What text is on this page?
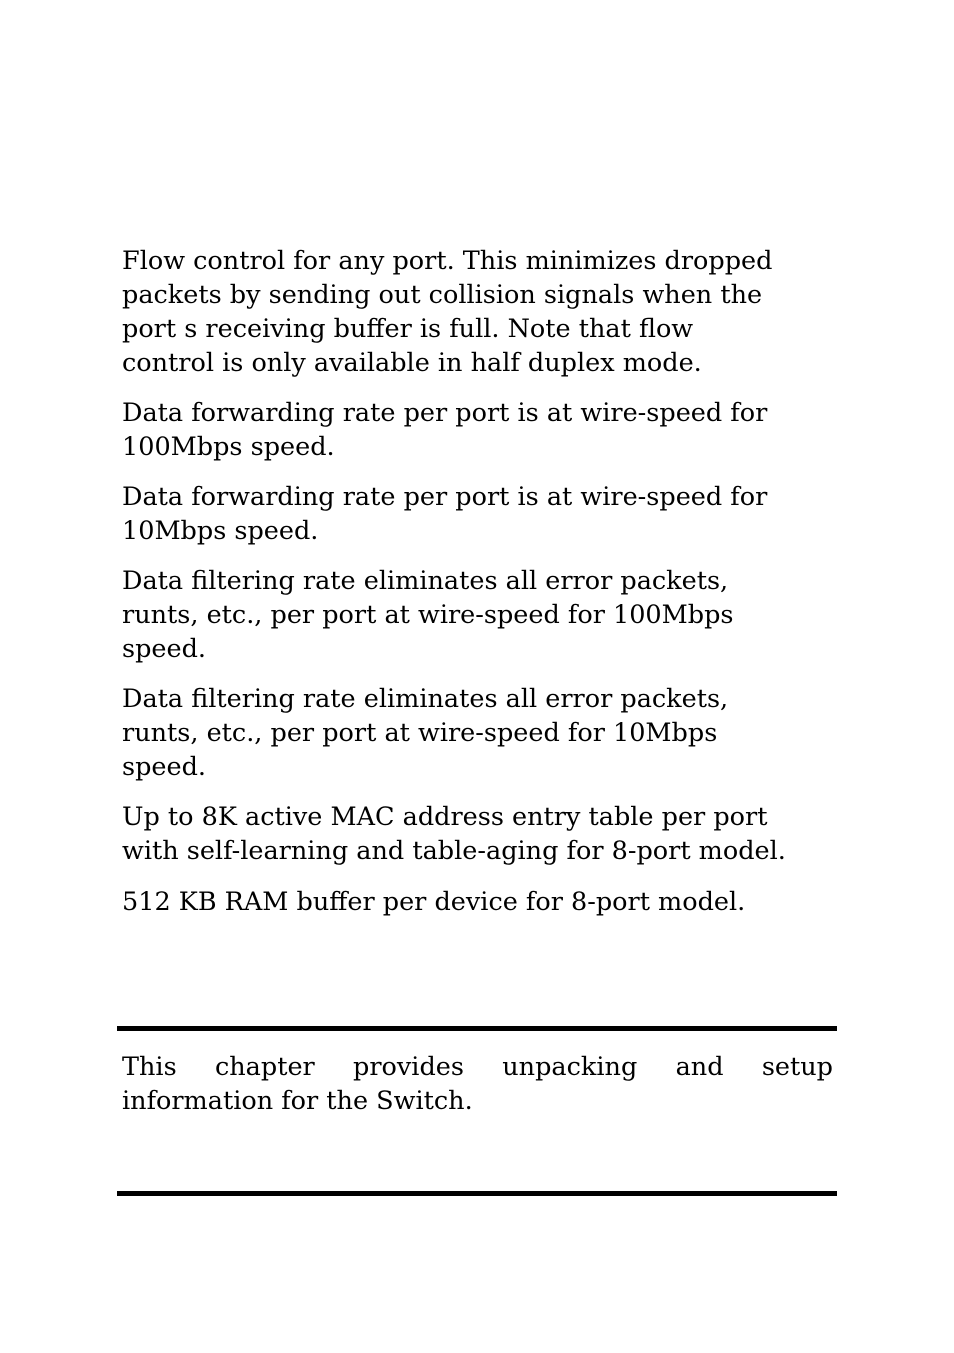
Flow control for any port. This minimizes dropped
packets by sending out collision signals when the
port s receiving buffer is full. Note that flow
control is only available in half duplex mode.

Data forwarding rate per port is at wire-speed for
100Mbps speed.

Data forwarding rate per port is at wire-speed for
10Mbps speed.

Data filtering rate eliminates all error packets,
runts, etc., per port at wire-speed for 100Mbps
speed.

Data filtering rate eliminates all error packets,
runts, etc., per port at wire-speed for 10Mbps
speed.

Up to 8K active MAC address entry table per port
with self-learning and table-aging for 8-port model.

512 KB RAM buffer per device for 8-port model.

This chapter provides unpacking and setup
information for the Switch.
